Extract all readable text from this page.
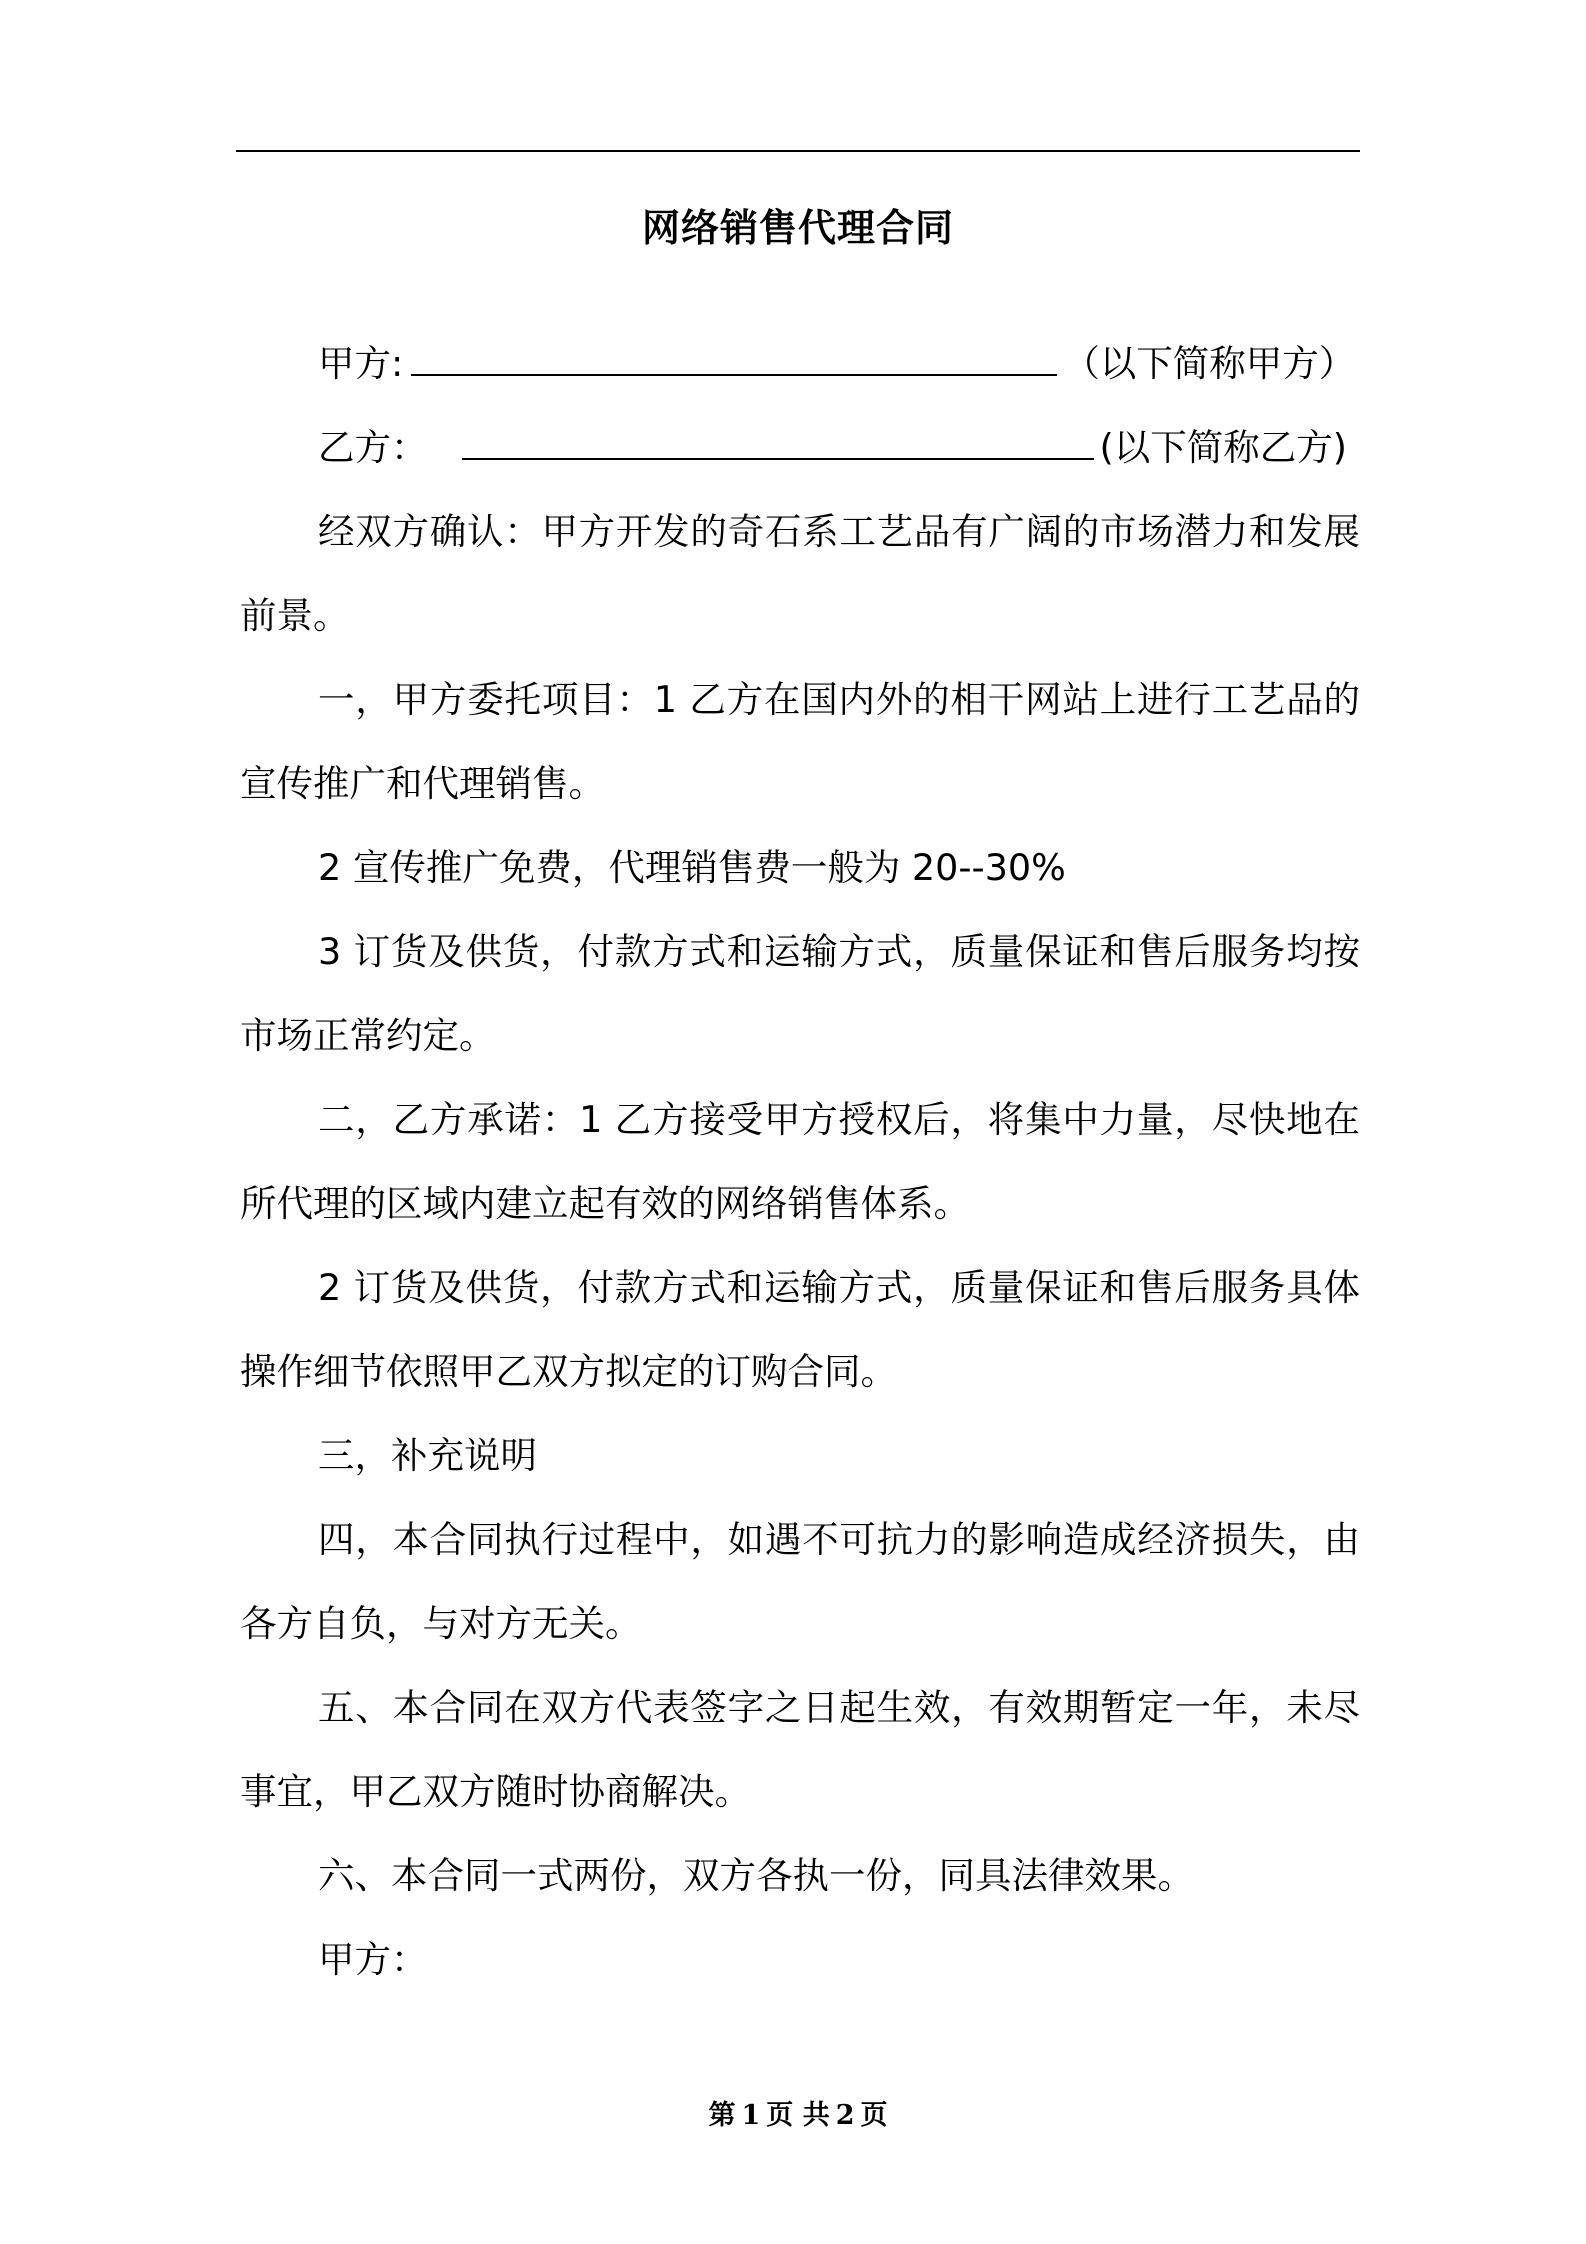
网络销售代理合同

甲方:	（以下简称甲方）

乙方：	(以下简称乙方)

经双方确认：甲方开发的奇石系工艺品有广阔的市场潜力和发展前景。

一，甲方委托项目：1 乙方在国内外的相干网站上进行工艺品的宣传推广和代理销售。

2 宣传推广免费，代理销售费一般为 20--30%

3 订货及供货，付款方式和运输方式，质量保证和售后服务均按市场正常约定。

二，乙方承诺：1 乙方接受甲方授权后，将集中力量，尽快地在所代理的区域内建立起有效的网络销售体系。

2 订货及供货，付款方式和运输方式，质量保证和售后服务具体操作细节依照甲乙双方拟定的订购合同。

三，补充说明

四，本合同执行过程中，如遇不可抗力的影响造成经济损失，由各方自负，与对方无关。

五、本合同在双方代表签字之日起生效，有效期暂定一年，未尽事宜，甲乙双方随时协商解决。

六、本合同一式两份，双方各执一份，同具法律效果。

甲方：

第 1 页 共 2 页
